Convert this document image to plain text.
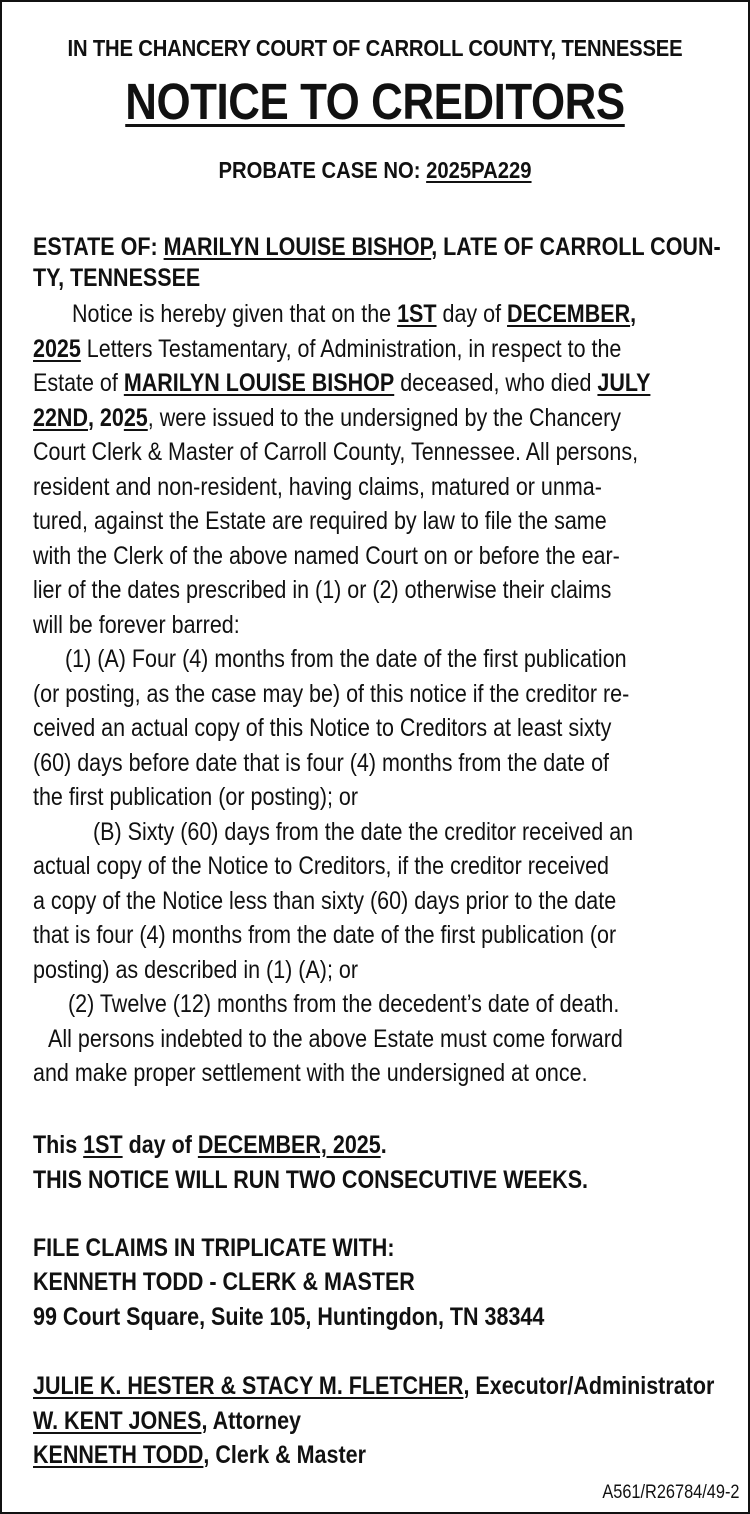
IN THE CHANCERY COURT OF CARROLL COUNTY, TENNESSEE
NOTICE TO CREDITORS
PROBATE CASE NO: 2025PA229
ESTATE OF: MARILYN LOUISE BISHOP, LATE OF CARROLL COUN-
TY, TENNESSEE
Notice is hereby given that on the 1ST day of DECEMBER,
2025 Letters Testamentary, of Administration, in respect to the
Estate of MARILYN LOUISE BISHOP deceased, who died JULY
22ND, 2025, were issued to the undersigned by the Chancery
Court Clerk & Master of Carroll County, Tennessee. All persons,
resident and non-resident, having claims, matured or unma-
tured, against the Estate are required by law to file the same
with the Clerk of the above named Court on or before the ear-
lier of the dates prescribed in (1) or (2) otherwise their claims
will be forever barred:
(1) (A) Four (4) months from the date of the first publication
(or posting, as the case may be) of this notice if the creditor re-
ceived an actual copy of this Notice to Creditors at least sixty
(60) days before date that is four (4) months from the date of
the first publication (or posting); or
(B) Sixty (60) days from the date the creditor received an
actual copy of the Notice to Creditors, if the creditor received
a copy of the Notice less than sixty (60) days prior to the date
that is four (4) months from the date of the first publication (or
posting) as described in (1) (A); or
(2) Twelve (12) months from the decedent’s date of death.
All persons indebted to the above Estate must come forward
and make proper settlement with the undersigned at once.
This 1ST day of DECEMBER, 2025.
THIS NOTICE WILL RUN TWO CONSECUTIVE WEEKS.
FILE CLAIMS IN TRIPLICATE WITH:
KENNETH TODD - CLERK & MASTER
99 Court Square, Suite 105, Huntingdon, TN 38344
JULIE K. HESTER & STACY M. FLETCHER, Executor/Administrator
W. KENT JONES, Attorney
KENNETH TODD, Clerk & Master
A561/R26784/49-2
